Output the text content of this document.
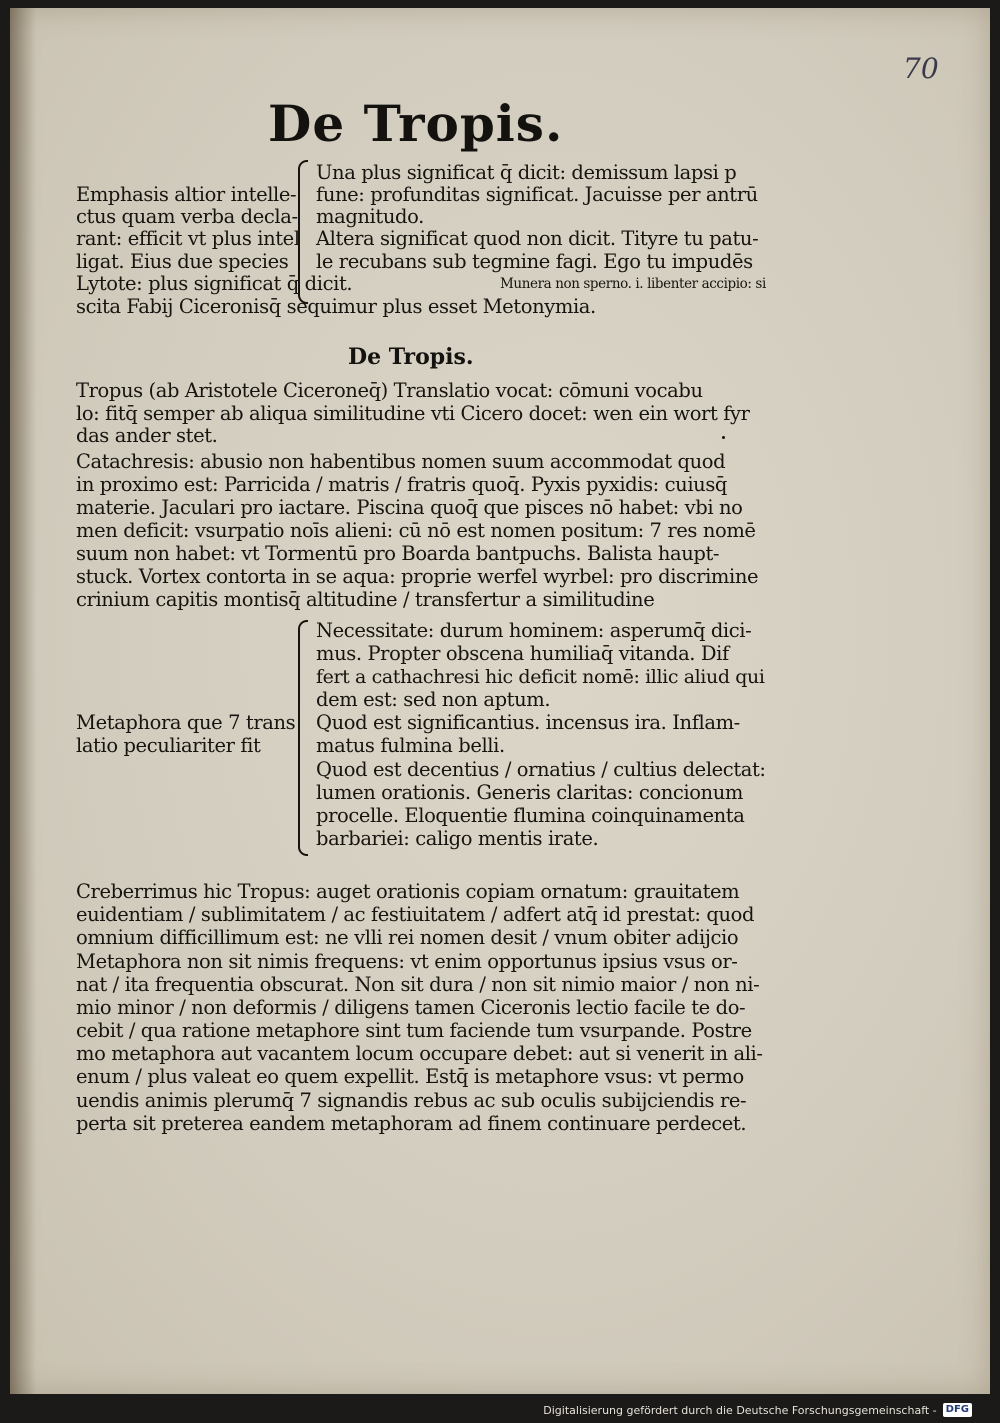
70
De Tropis.
Emphasis altior intelle-
ctus quam verba decla-
rant: efficit vt plus intel
ligat. Eius due species
Lytote: plus significat q̄ dicit.
scita Fabij Ciceronisq̄ sequimur plus esset Metonymia.
Una plus significat q̄ dicit: demissum lapsi p
fune: profunditas significat. Jacuisse per antrū
magnitudo.
Altera significat quod non dicit. Tityre tu patu-
le recubans sub tegmine fagi. Ego tu impudēs
Munera non sperno. i. libenter accipio: si
De Tropis.
Tropus (ab Aristotele Ciceroneq̄) Translatio vocat: cōmuni vocabu
lo: fitq̄ semper ab aliqua similitudine vti Cicero docet: wen ein wort fyr
das ander stet.
Catachresis: abusio non habentibus nomen suum accommodat quod
in proximo est: Parricida / matris / fratris quoq̄. Pyxis pyxidis: cuiusq̄
materie. Jaculari pro iactare. Piscina quoq̄ que pisces nō habet: vbi no
men deficit: vsurpatio noīs alieni: cū nō est nomen positum: 7 res nomē
suum non habet: vt Tormentū pro Boarda bantpuchs. Balista haupt-
stuck. Vortex contorta in se aqua: proprie werfel wyrbel: pro discrimine
crinium capitis montisq̄ altitudine / transfertur a similitudine
Metaphora que 7 trans
latio peculiariter fit
Necessitate: durum hominem: asperumq̄ dici-
mus. Propter obscena humiliaq̄ vitanda. Dif
fert a cathachresi hic deficit nomē: illic aliud qui
dem est: sed non aptum.
Quod est significantius. incensus ira. Inflam-
matus fulmina belli.
Quod est decentius / ornatius / cultius delectat:
lumen orationis. Generis claritas: concionum
procelle. Eloquentie flumina coinquinamenta
barbariei: caligo mentis irate.
Creberrimus hic Tropus: auget orationis copiam ornatum: grauitatem
euidentiam / sublimitatem / ac festiuitatem / adfert atq̄ id prestat: quod
omnium difficillimum est: ne vlli rei nomen desit / vnum obiter adijcio
Metaphora non sit nimis frequens: vt enim opportunus ipsius vsus or-
nat / ita frequentia obscurat. Non sit dura / non sit nimio maior / non ni-
mio minor / non deformis / diligens tamen Ciceronis lectio facile te do-
cebit / qua ratione metaphore sint tum faciende tum vsurpande. Postre
mo metaphora aut vacantem locum occupare debet: aut si venerit in ali-
enum / plus valeat eo quem expellit. Estq̄ is metaphore vsus: vt permo
uendis animis plerumq̄ 7 signandis rebus ac sub oculis subijciendis re-
perta sit preterea eandem metaphoram ad finem continuare perdecet.
Digitalisierung gefördert durch die Deutsche Forschungsgemeinschaft - DFG
